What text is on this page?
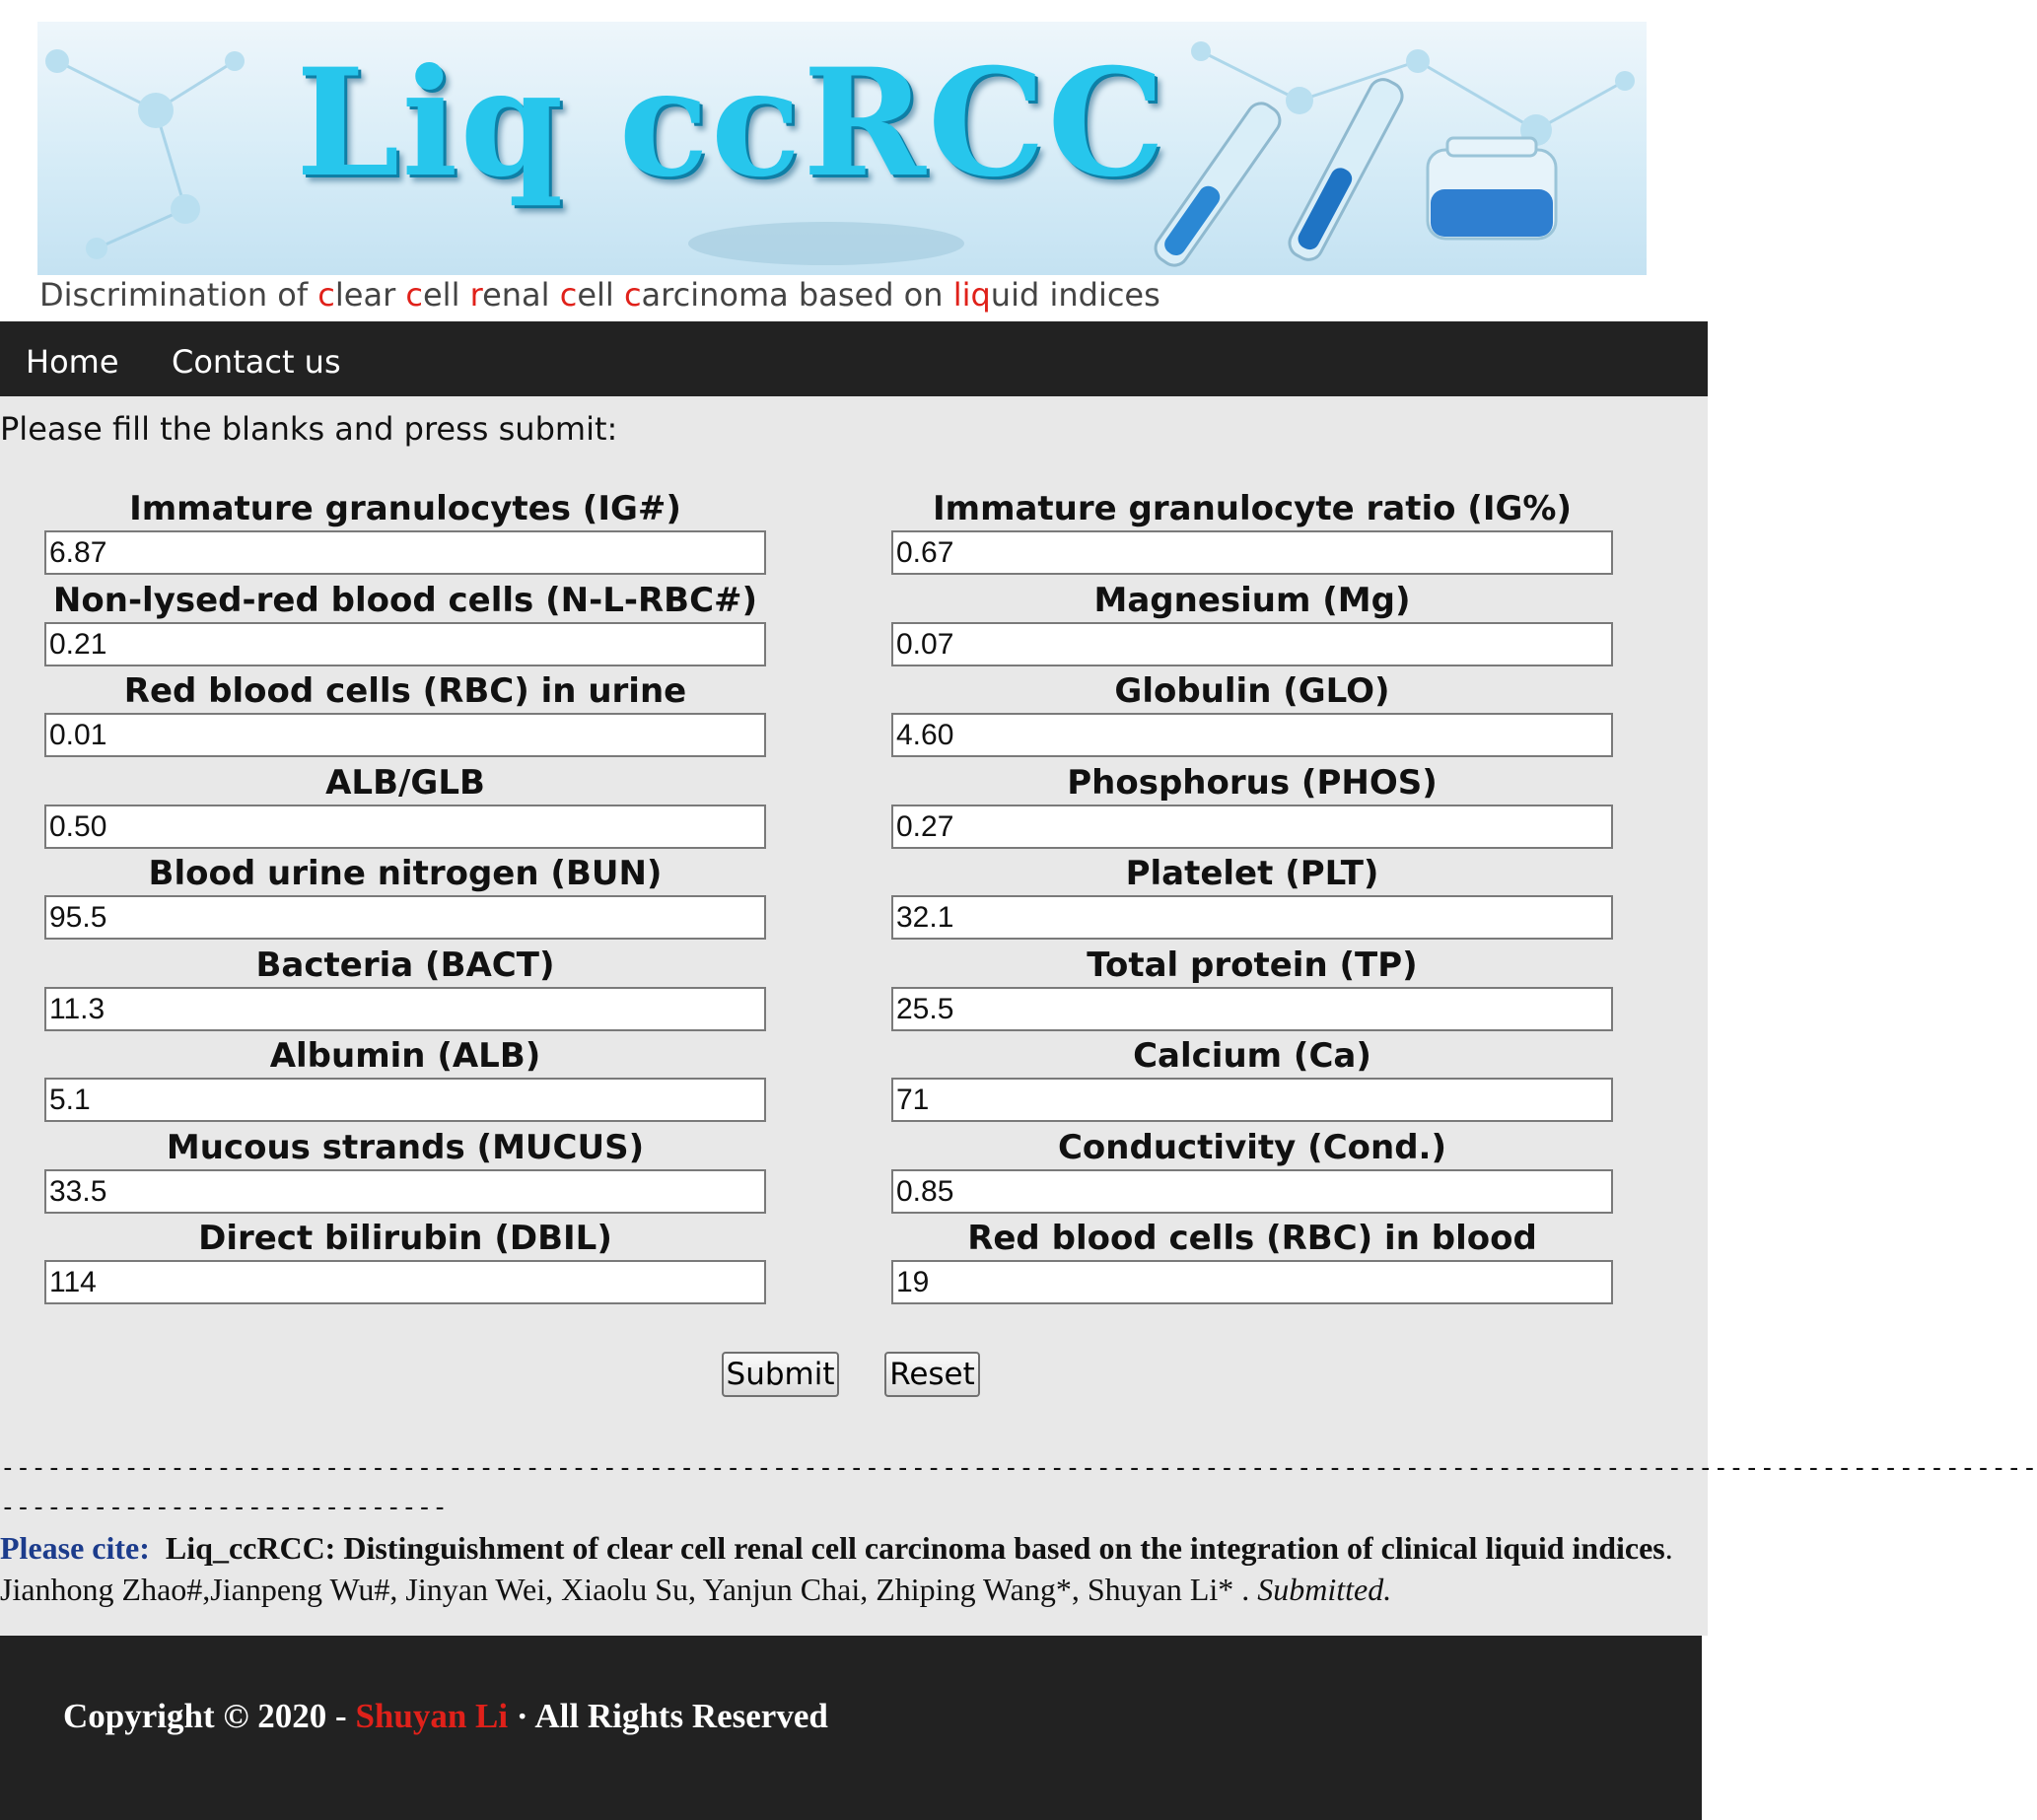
Liq ccRCC
Discrimination of clear cell renal cell carcinoma based on liquid indices
Home Contact us
Please fill the blanks and press submit:
Immature granulocytes (IG#)
6.87
Non-lysed-red blood cells (N-L-RBC#)
0.21
Red blood cells (RBC) in urine
0.01
ALB/GLB
0.50
Blood urine nitrogen (BUN)
95.5
Bacteria (BACT)
11.3
Albumin (ALB)
5.1
Mucous strands (MUCUS)
33.5
Direct bilirubin (DBIL)
114
Immature granulocyte ratio (IG%)
0.67
Magnesium (Mg)
0.07
Globulin (GLO)
4.60
Phosphorus (PHOS)
0.27
Platelet (PLT)
32.1
Total protein (TP)
25.5
Calcium (Ca)
71
Conductivity (Cond.)
0.85
Red blood cells (RBC) in blood
19
Submit Reset
------------------------------------------------------------------------------------------------------------------------------------
-----------------------------
Please cite: Liq_ccRCC: Distinguishment of clear cell renal cell carcinoma based on the integration of clinical liquid indices. Jianhong Zhao#,Jianpeng Wu#, Jinyan Wei, Xiaolu Su, Yanjun Chai, Zhiping Wang*, Shuyan Li* . Submitted.
Copyright © 2020 - Shuyan Li · All Rights Reserved
